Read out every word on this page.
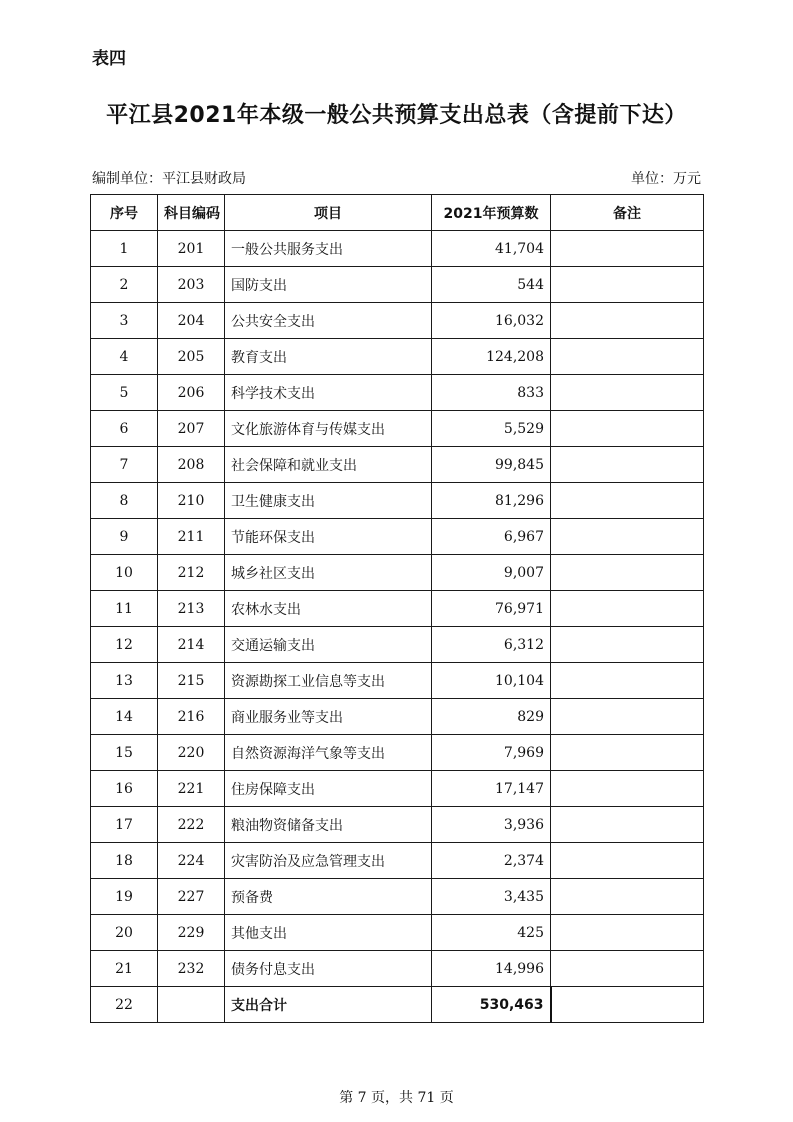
表四
平江县2021年本级一般公共预算支出总表（含提前下达）
编制单位：平江县财政局	单位：万元
序号	科目编码	项目	2021年预算数	备注
1	201	一般公共服务支出	41,704	
2	203	国防支出	544	
3	204	公共安全支出	16,032	
4	205	教育支出	124,208	
5	206	科学技术支出	833	
6	207	文化旅游体育与传媒支出	5,529	
7	208	社会保障和就业支出	99,845	
8	210	卫生健康支出	81,296	
9	211	节能环保支出	6,967	
10	212	城乡社区支出	9,007	
11	213	农林水支出	76,971	
12	214	交通运输支出	6,312	
13	215	资源勘探工业信息等支出	10,104	
14	216	商业服务业等支出	829	
15	220	自然资源海洋气象等支出	7,969	
16	221	住房保障支出	17,147	
17	222	粮油物资储备支出	3,936	
18	224	灾害防治及应急管理支出	2,374	
19	227	预备费	3,435	
20	229	其他支出	425	
21	232	债务付息支出	14,996	
22		支出合计	530,463	
第 7 页，共 71 页
